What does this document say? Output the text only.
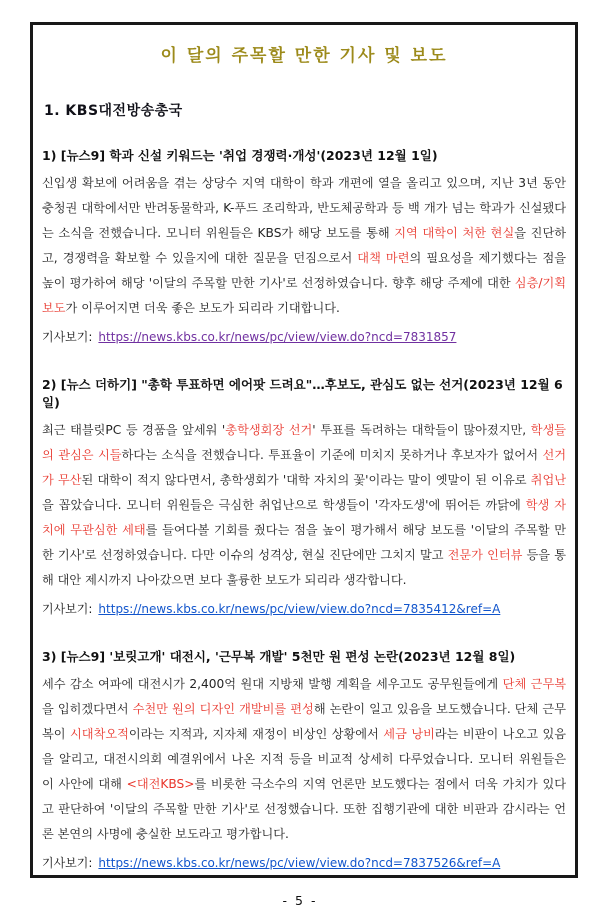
이 달의 주목할 만한 기사 및 보도
1. KBS대전방송총국
1) [뉴스9] 학과 신설 키워드는 '취업 경쟁력·개성'(2023년 12월 1일)

신입생 확보에 어려움을 겪는 상당수 지역 대학이 학과 개편에 열을 올리고 있으며, 지난 3년 동안 충청권 대학에서만 반려동물학과, K-푸드 조리학과, 반도체공학과 등 백 개가 넘는 학과가 신설됐다는 소식을 전했습니다. 모니터 위원들은 KBS가 해당 보도를 통해 지역 대학이 처한 현실을 진단하고, 경쟁력을 확보할 수 있을지에 대한 질문을 던짐으로서 대책 마련의 필요성을 제기했다는 점을 높이 평가하여 해당 '이달의 주목할 만한 기사'로 선정하였습니다. 향후 해당 주제에 대한 심층/기획보도가 이루어지면 더욱 좋은 보도가 되리라 기대합니다.

기사보기: https://news.kbs.co.kr/news/pc/view/view.do?ncd=7831857

2) [뉴스 더하기] "총학 투표하면 에어팟 드려요"…후보도, 관심도 없는 선거(2023년 12월 6일)

최근 태블릿PC 등 경품을 앞세워 '총학생회장 선거' 투표를 독려하는 대학들이 많아졌지만, 학생들의 관심은 시들하다는 소식을 전했습니다. 투표율이 기준에 미치지 못하거나 후보자가 없어서 선거가 무산된 대학이 적지 않다면서, 총학생회가 '대학 자치의 꽃'이라는 말이 옛말이 된 이유로 취업난을 꼽았습니다. 모니터 위원들은 극심한 취업난으로 학생들이 '각자도생'에 뛰어든 까닭에 학생 자치에 무관심한 세태를 들여다볼 기회를 줬다는 점을 높이 평가해서 해당 보도를 '이달의 주목할 만한 기사'로 선정하였습니다. 다만 이슈의 성격상, 현실 진단에만 그치지 말고 전문가 인터뷰 등을 통해 대안 제시까지 나아갔으면 보다 훌륭한 보도가 되리라 생각합니다.

기사보기: https://news.kbs.co.kr/news/pc/view/view.do?ncd=7835412&ref=A

3) [뉴스9] '보릿고개' 대전시, '근무복 개발' 5천만 원 편성 논란(2023년 12월 8일)

세수 감소 여파에 대전시가 2,400억 원대 지방채 발행 계획을 세우고도 공무원들에게 단체 근무복을 입히겠다면서 수천만 원의 디자인 개발비를 편성해 논란이 일고 있음을 보도했습니다. 단체 근무복이 시대착오적이라는 지적과, 지자체 재정이 비상인 상황에서 세금 낭비라는 비판이 나오고 있음을 알리고, 대전시의회 예결위에서 나온 지적 등을 비교적 상세히 다루었습니다. 모니터 위원들은 이 사안에 대해 <대전KBS>를 비롯한 극소수의 지역 언론만 보도했다는 점에서 더욱 가치가 있다고 판단하여 '이달의 주목할 만한 기사'로 선정했습니다. 또한 집행기관에 대한 비판과 감시라는 언론 본연의 사명에 충실한 보도라고 평가합니다.

기사보기: https://news.kbs.co.kr/news/pc/view/view.do?ncd=7837526&ref=A

- 5 -
